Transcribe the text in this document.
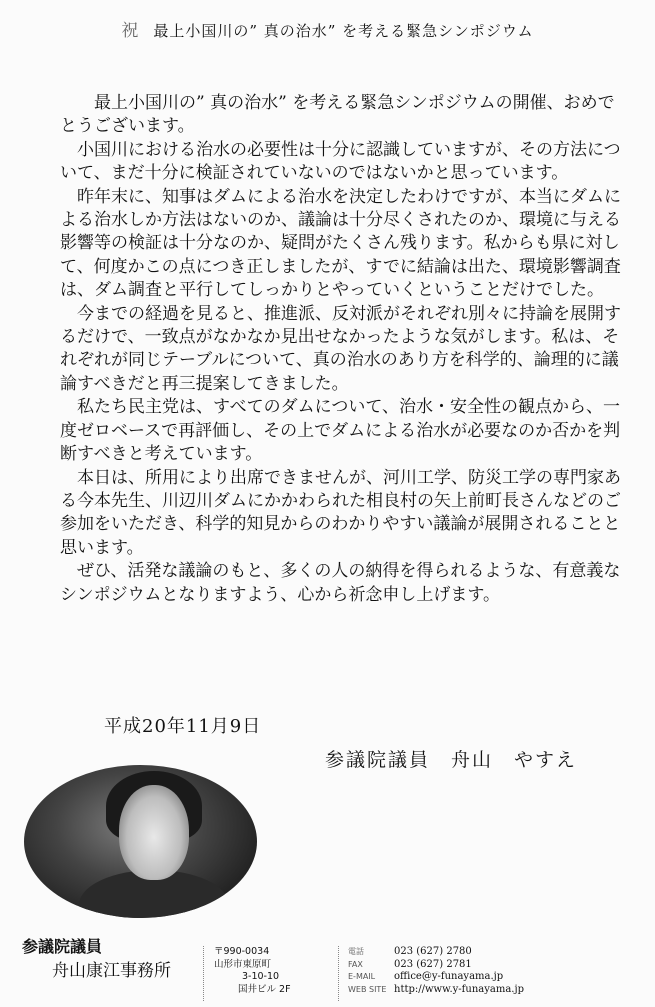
祝 最上小国川の” 真の治水” を考える緊急シンポジウム

最上小国川の” 真の治水” を考える緊急シンポジウムの開催、おめでとうございます。

小国川における治水の必要性は十分に認識していますが、その方法について、まだ十分に検証されていないのではないかと思っています。

昨年末に、知事はダムによる治水を決定したわけですが、本当にダムによる治水しか方法はないのか、議論は十分尽くされたのか、環境に与える影響等の検証は十分なのか、疑問がたくさん残ります。私からも県に対して、何度かこの点につき正しましたが、すでに結論は出た、環境影響調査は、ダム調査と平行してしっかりとやっていくということだけでした。

今までの経過を見ると、推進派、反対派がそれぞれ別々に持論を展開するだけで、一致点がなかなか見出せなかったような気がします。私は、それぞれが同じテーブルについて、真の治水のあり方を科学的、論理的に議論すべきだと再三提案してきました。

私たち民主党は、すべてのダムについて、治水・安全性の観点から、一度ゼロベースで再評価し、その上でダムによる治水が必要なのか否かを判断すべきと考えています。

本日は、所用により出席できませんが、河川工学、防災工学の専門家ある今本先生、川辺川ダムにかかわられた相良村の矢上前町長さんなどのご参加をいただき、科学的知見からのわかりやすい議論が展開されることと思います。

ぜひ、活発な議論のもと、多くの人の納得を得られるような、有意義なシンポジウムとなりますよう、心から祈念申し上げます。

平成20年11月9日
参議院議員　舟山　やすえ
参議院議員
舟山康江事務所
〒990-0034
山形市東原町
3-10-10
国井ビル 2F
電話	023 (627) 2780
FAX	023 (627) 2781
E-MAIL	office@y-funayama.jp
WEB SITE http://www.y-funayama.jp
